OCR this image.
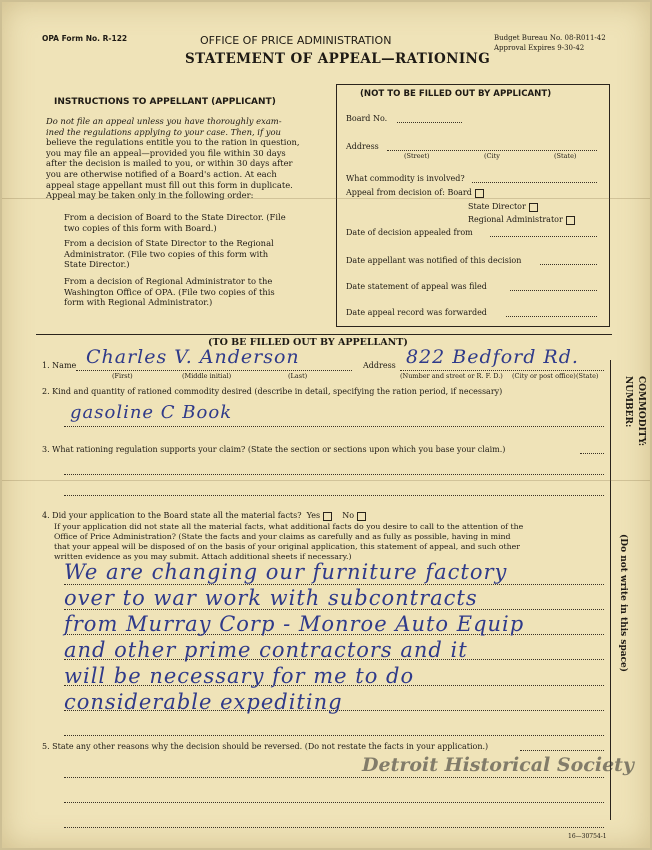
OPA Form No. R-122	OFFICE OF PRICE ADMINISTRATION
STATEMENT OF APPEAL—RATIONING
Budget Bureau No. 08-R011-42
Approval Expires 9-30-42
INSTRUCTIONS TO APPELLANT (APPLICANT)
Do not file an appeal unless you have thoroughly exam-
ined the regulations applying to your case. Then, if you
believe the regulations entitle you to the ration in question,
you may file an appeal—provided you file within 30 days
after the decision is mailed to you, or within 30 days after
you are otherwise notified of a Board's action. At each
appeal stage appellant must fill out this form in duplicate.
Appeal may be taken only in the following order:
From a decision of Board to the State Director. (File
two copies of this form with Board.)
From a decision of State Director to the Regional
Administrator. (File two copies of this form with
State Director.)
From a decision of Regional Administrator to the
Washington Office of OPA. (File two copies of this
form with Regional Administrator.)
(NOT TO BE FILLED OUT BY APPLICANT)
Board No.
Address
(Street)	(City	(State)
What commodity is involved?
Appeal from decision of: Board
State Director
Regional Administrator
Date of decision appealed from
Date appellant was notified of this decision
Date statement of appeal was filed
Date appeal record was forwarded
(TO BE FILLED OUT BY APPELLANT)
NUMBER: COMMODITY:
(Do not write in this space)
1. Name Charles V. Anderson
(First)	(Middle initial)	(Last)
Address 822 Bedford Rd.
(Number and street or R. F. D.) (City or post office) (State)
2. Kind and quantity of rationed commodity desired (describe in detail, specifying the ration period, if necessary)
gasoline C Book
3. What rationing regulation supports your claim? (State the section or sections upon which you base your claim.)
4. Did your application to the Board state all the material facts? Yes	No
If your application did not state all the material facts, what additional facts do you desire to call to the attention of the
Office of Price Administration? (State the facts and your claims as carefully and as fully as possible, having in mind
that your appeal will be disposed of on the basis of your original application, this statement of appeal, and such other
written evidence as you may submit. Attach additional sheets if necessary.)
We are changing our furniture factory
over to war work with subcontracts
from Murray Corp - Monroe Auto Equip
and other prime contractors and it
will be necessary for me to do
considerable expediting
5. State any other reasons why the decision should be reversed. (Do not restate the facts in your application.)
Detroit Historical Society
16—30754-1
